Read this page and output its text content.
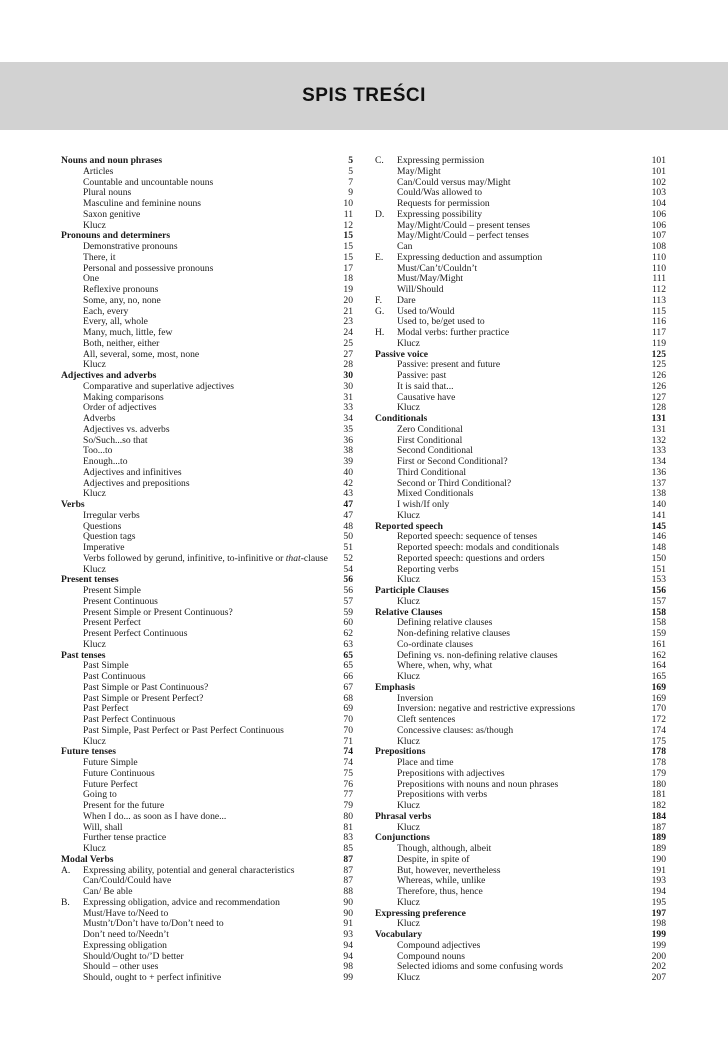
SPIS TREŚCI
Nouns and noun phrases	5
Articles	5
Countable and uncountable nouns	7
Plural nouns	9
Masculine and feminine nouns	10
Saxon genitive	11
Klucz	12
Pronouns and determiners	15
Demonstrative pronouns	15
There, it	15
Personal and possessive pronouns	17
One	18
Reflexive pronouns	19
Some, any, no, none	20
Each, every	21
Every, all, whole	23
Many, much, little, few	24
Both, neither, either	25
All, several, some, most, none	27
Klucz	28
Adjectives and adverbs	30
Comparative and superlative adjectives	30
Making comparisons	31
Order of adjectives	33
Adverbs	34
Adjectives vs. adverbs	35
So/Such...so that	36
Too...to	38
Enough...to	39
Adjectives and infinitives	40
Adjectives and prepositions	42
Klucz	43
Verbs	47
Irregular verbs	47
Questions	48
Question tags	50
Imperative	51
Verbs followed by gerund, infinitive, to-infinitive or that-clause 52
Klucz	54
Present tenses	56
Present Simple	56
Present Continuous	57
Present Simple or Present Continuous?	59
Present Perfect	60
Present Perfect Continuous	62
Klucz	63
Past tenses	65
Past Simple	65
Past Continuous	66
Past Simple or Past Continuous?	67
Past Simple or Present Perfect?	68
Past Perfect	69
Past Perfect Continuous	70
Past Simple, Past Perfect or Past Perfect Continuous	70
Klucz	71
Future tenses	74
Future Simple	74
Future Continuous	75
Future Perfect	76
Going to	77
Present for the future	79
When I do... as soon as I have done...	80
Will, shall	81
Further tense practice	83
Klucz	85
Modal Verbs	87
A. Expressing ability, potential and general characteristics	87
Can/Could/Could have	87
Can/ Be able	88
B. Expressing obligation, advice and recommendation	90
Must/Have to/Need to	90
Mustn’t/Don’t have to/Don’t need to	91
Don’t need to/Needn’t	93
Expressing obligation	94
Should/Ought to/’D better	94
Should – other uses	98
Should, ought to + perfect infinitive	99
C. Expressing permission	101
May/Might	101
Can/Could versus may/Might	102
Could/Was allowed to	103
Requests for permission	104
D. Expressing possibility	106
May/Might/Could – present tenses	106
May/Might/Could – perfect tenses	107
Can	108
E. Expressing deduction and assumption	110
Must/Can’t/Couldn’t	110
Must/May/Might	111
Will/Should	112
F. Dare	113
G. Used to/Would	115
Used to, be/get used to	116
H. Modal verbs: further practice	117
Klucz	119
Passive voice	125
Passive: present and future	125
Passive: past	126
It is said that...	126
Causative have	127
Klucz	128
Conditionals	131
Zero Conditional	131
First Conditional	132
Second Conditional	133
First or Second Conditional?	134
Third Conditional	136
Second or Third Conditional?	137
Mixed Conditionals	138
I wish/If only	140
Klucz	141
Reported speech	145
Reported speech: sequence of tenses	146
Reported speech: modals and conditionals	148
Reported speech: questions and orders	150
Reporting verbs	151
Klucz	153
Participle Clauses	156
Klucz	157
Relative Clauses	158
Defining relative clauses	158
Non-defining relative clauses	159
Co-ordinate clauses	161
Defining vs. non-defining relative clauses	162
Where, when, why, what	164
Klucz	165
Emphasis	169
Inversion	169
Inversion: negative and restrictive expressions	170
Cleft sentences	172
Concessive clauses: as/though	174
Klucz	175
Prepositions	178
Place and time	178
Prepositions with adjectives	179
Prepositions with nouns and noun phrases	180
Prepositions with verbs	181
Klucz	182
Phrasal verbs	184
Klucz	187
Conjunctions	189
Though, although, albeit	189
Despite, in spite of	190
But, however, nevertheless	191
Whereas, while, unlike	193
Therefore, thus, hence	194
Klucz	195
Expressing preference	197
Klucz	198
Vocabulary	199
Compound adjectives	199
Compound nouns	200
Selected idioms and some confusing words	202
Klucz	207
